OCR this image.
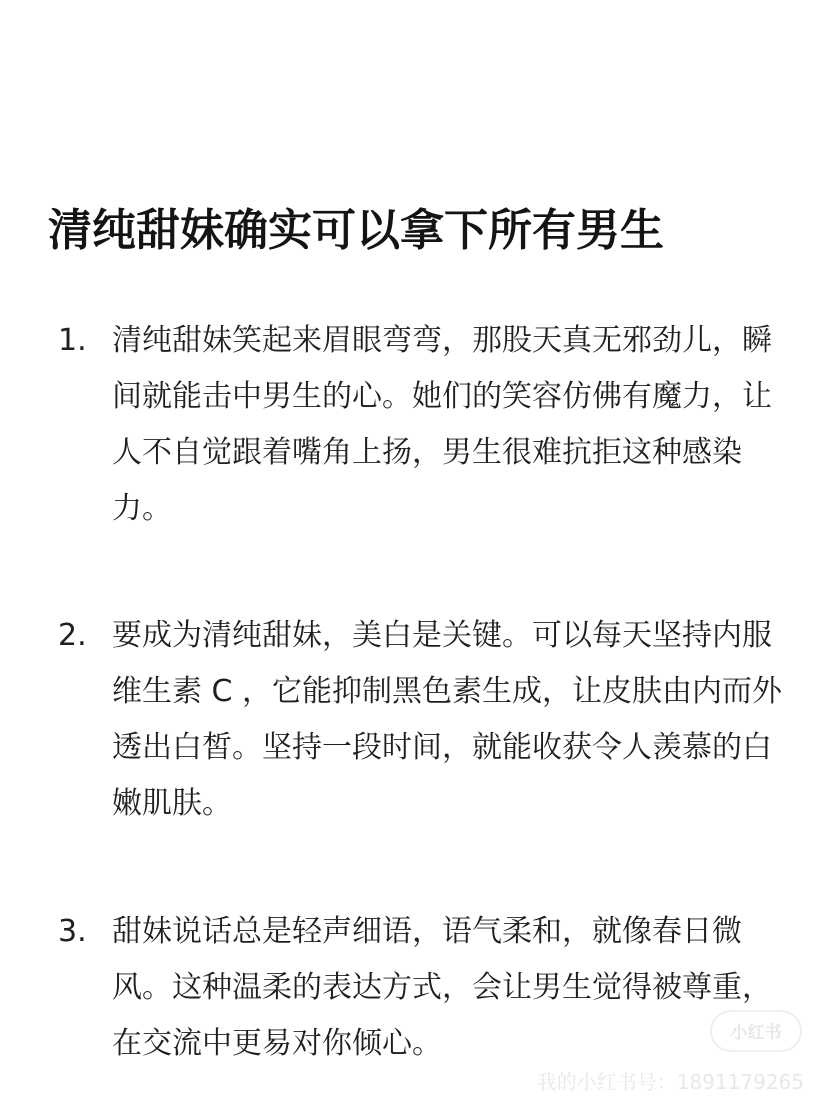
清纯甜妹确实可以拿下所有男生
1. 清纯甜妹笑起来眉眼弯弯，那股天真无邪劲儿，瞬间就能击中男生的心。她们的笑容仿佛有魔力，让人不自觉跟着嘴角上扬，男生很难抗拒这种感染力。

2. 要成为清纯甜妹，美白是关键。可以每天坚持内服维生素 C ，它能抑制黑色素生成，让皮肤由内而外透出白皙。坚持一段时间，就能收获令人羡慕的白嫩肌肤。

3. 甜妹说话总是轻声细语，语气柔和，就像春日微风。这种温柔的表达方式，会让男生觉得被尊重，在交流中更易对你倾心。	小红书
我的小红书号：1891179265
